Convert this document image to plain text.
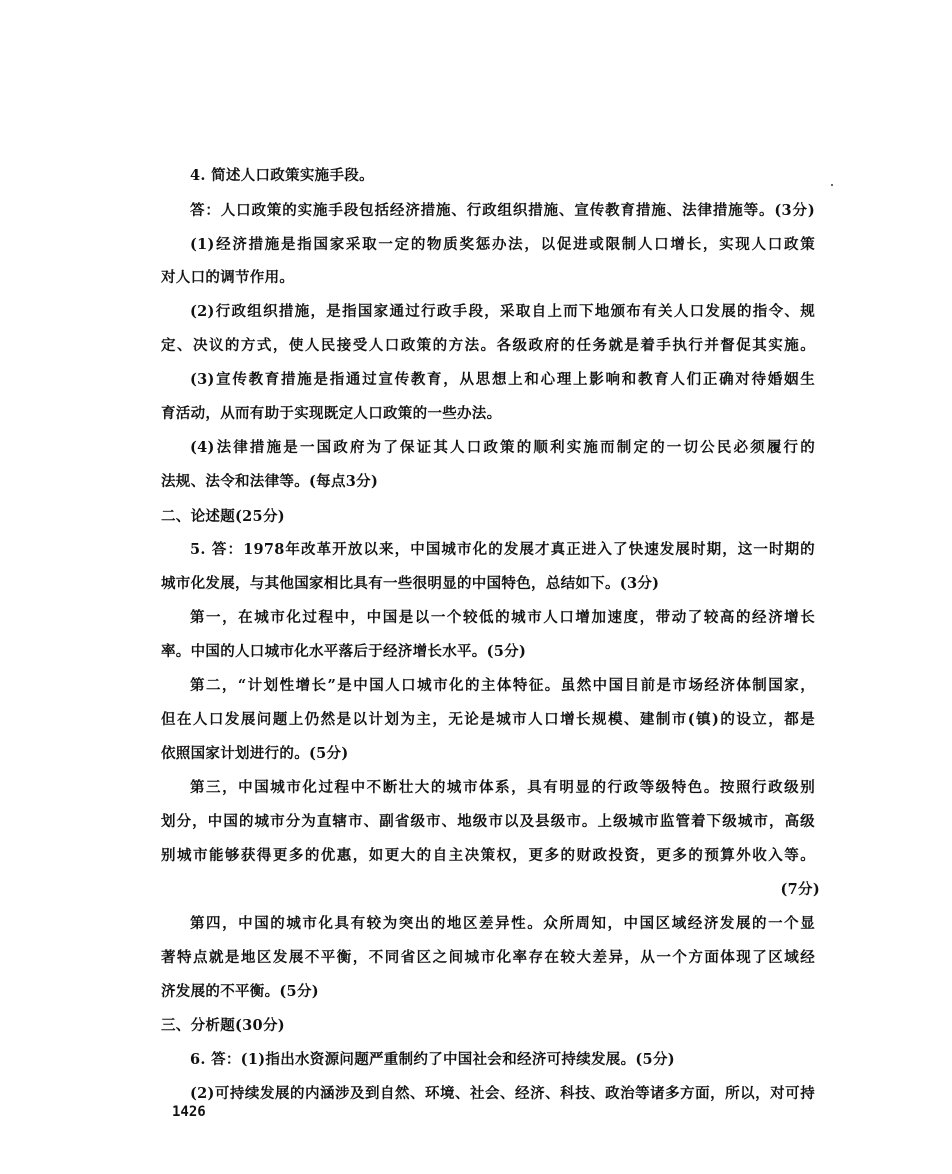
4. 简述人口政策实施手段。

答：人口政策的实施手段包括经济措施、行政组织措施、宣传教育措施、法律措施等。(3分)

(1)经济措施是指国家采取一定的物质奖惩办法，以促进或限制人口增长，实现人口政策

对人口的调节作用。

(2)行政组织措施，是指国家通过行政手段，采取自上而下地颁布有关人口发展的指令、规

定、决议的方式，使人民接受人口政策的方法。各级政府的任务就是着手执行并督促其实施。

(3)宣传教育措施是指通过宣传教育，从思想上和心理上影响和教育人们正确对待婚姻生

育活动，从而有助于实现既定人口政策的一些办法。

(4)法律措施是一国政府为了保证其人口政策的顺利实施而制定的一切公民必须履行的

法规、法令和法律等。(每点3分)

二、论述题(25分)

5. 答：1978年改革开放以来，中国城市化的发展才真正进入了快速发展时期，这一时期的

城市化发展，与其他国家相比具有一些很明显的中国特色，总结如下。(3分)

第一，在城市化过程中，中国是以一个较低的城市人口增加速度，带动了较高的经济增长

率。中国的人口城市化水平落后于经济增长水平。(5分)

第二，“计划性增长”是中国人口城市化的主体特征。虽然中国目前是市场经济体制国家，

但在人口发展问题上仍然是以计划为主，无论是城市人口增长规模、建制市(镇)的设立，都是

依照国家计划进行的。(5分)

第三，中国城市化过程中不断壮大的城市体系，具有明显的行政等级特色。按照行政级别

划分，中国的城市分为直辖市、副省级市、地级市以及县级市。上级城市监管着下级城市，高级

别城市能够获得更多的优惠，如更大的自主决策权，更多的财政投资，更多的预算外收入等。

(7分)

第四，中国的城市化具有较为突出的地区差异性。众所周知，中国区域经济发展的一个显

著特点就是地区发展不平衡，不同省区之间城市化率存在较大差异，从一个方面体现了区域经

济发展的不平衡。(5分)

三、分析题(30分)

6. 答：(1)指出水资源问题严重制约了中国社会和经济可持续发展。(5分)

(2)可持续发展的内涵涉及到自然、环境、社会、经济、科技、政治等诸多方面，所以，对可持

1426
